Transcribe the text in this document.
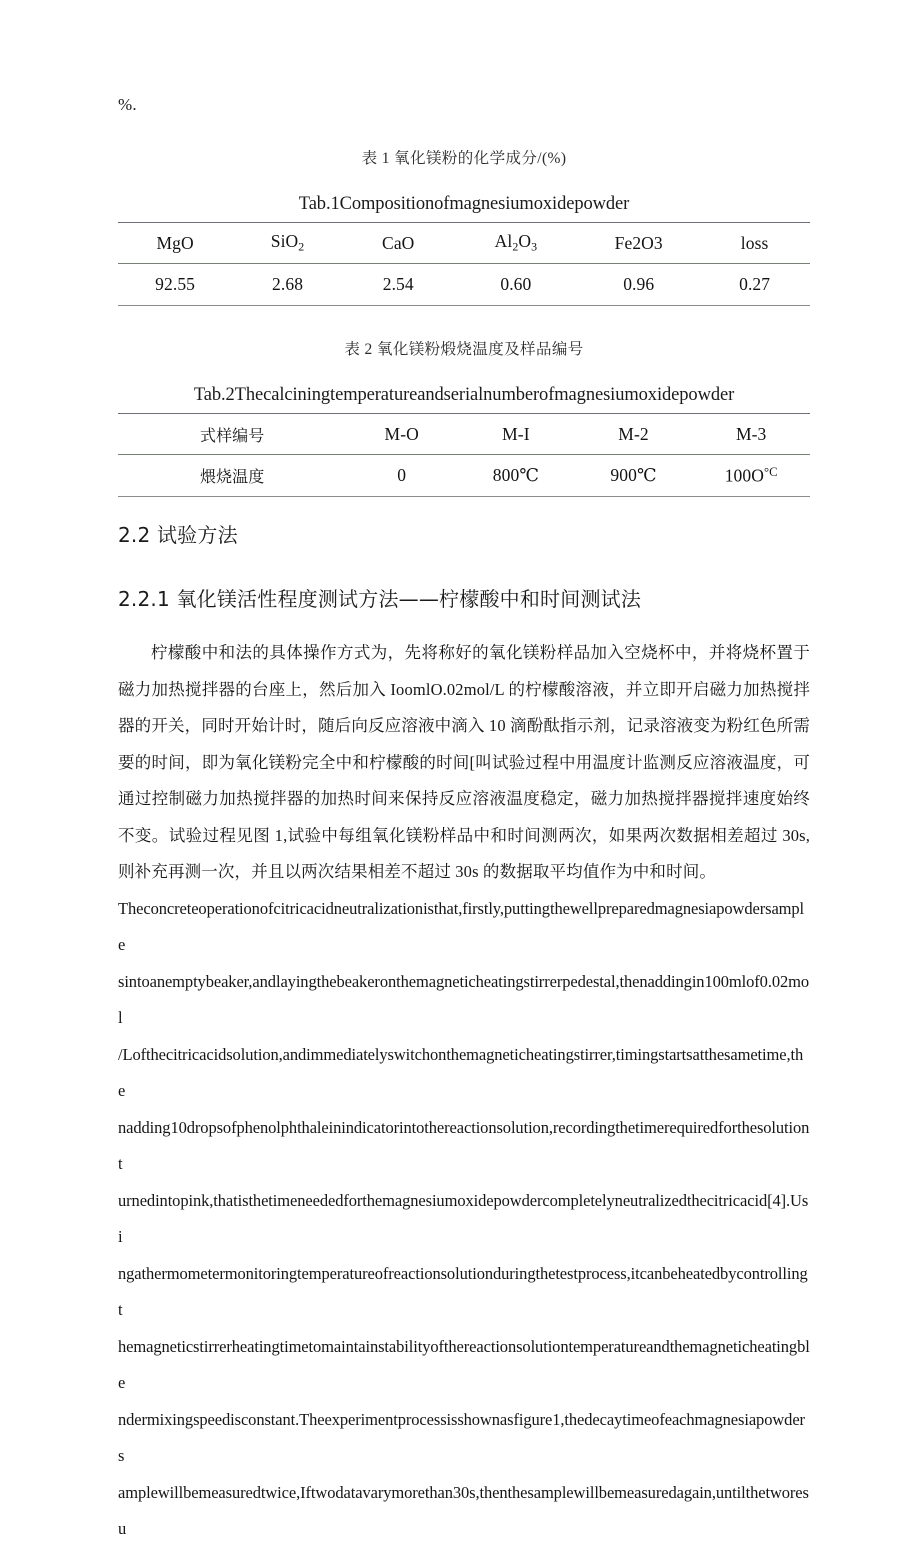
%.
表 1 氧化镁粉的化学成分/(%)
Tab.1Compositionofmagnesiumoxidepowder
MgO	SiO$_2$	CaO	$Al_2O_3$	Fe2O3	loss
92.55	2.68	2.54	0.60	0.96	0.27

表 2 氧化镁粉煅烧温度及样品编号
Tab.2Thecalciningtemperatureandserialnumberofmagnesiumoxidepowder
式样编号	M-O	M-I	M-2	M-3
煨烧温度	0	800℃	900℃	$100O^{^\circ C}$

2.2 试验方法
2.2.1 氧化镁活性程度测试方法——柠檬酸中和时间测试法

柠檬酸中和法的具体操作方式为，先将称好的氧化镁粉样品加入空烧杯中，并将烧杯置于磁力加热搅拌器的台座上，然后加入 IoomlO.02mol/L 的柠檬酸溶液，并立即开启磁力加热搅拌器的开关，同时开始计时，随后向反应溶液中滴入 10 滴酚酞指示剂，记录溶液变为粉红色所需要的时间，即为氧化镁粉完全中和柠檬酸的时间[叫试验过程中用温度计监测反应溶液温度，可通过控制磁力加热搅拌器的加热时间来保持反应溶液温度稳定，磁力加热搅拌器搅拌速度始终不变。试验过程见图 1,试验中每组氧化镁粉样品中和时间测两次，如果两次数据相差超过 30s,则补充再测一次，并且以两次结果相差不超过 30s 的数据取平均值作为中和时间。

Theconcreteoperationofcitricacidneutralizationisthat,firstly,puttingthewellpreparedmagnesiapowdersample
sintoanemptybeaker,andlayingthebeakeronthemagneticheatingstirrerpedestal,thenaddingin100mlof0.02mol
/Lofthecitricacidsolution,andimmediatelyswitchonthemagneticheatingstirrer,timingstartsatthesametime,the
nadding10dropsofphenolphthaleinindicatorintothereactionsolution,recordingthetimerequiredforthesolutiont
urnedintopink,thatisthetimeneededforthemagnesiumoxidepowdercompletelyneutralizedthecitricacid[4].Usi
ngathermometermonitoringtemperatureofreactionsolutionduringthetestprocess,itcanbeheatedbycontrollingt
hemagneticstirrerheatingtimetomaintainstabilityofthereactionsolutiontemperatureandthemagneticheatingble
ndermixingspeedisconstant.Theexperimentprocessisshownasfigure1,thedecaytimeofeachmagnesiapowders
amplewillbemeasuredtwice,Iftwodatavarymorethan30s,thenthesamplewillbemeasuredagain,untilthetworesu
